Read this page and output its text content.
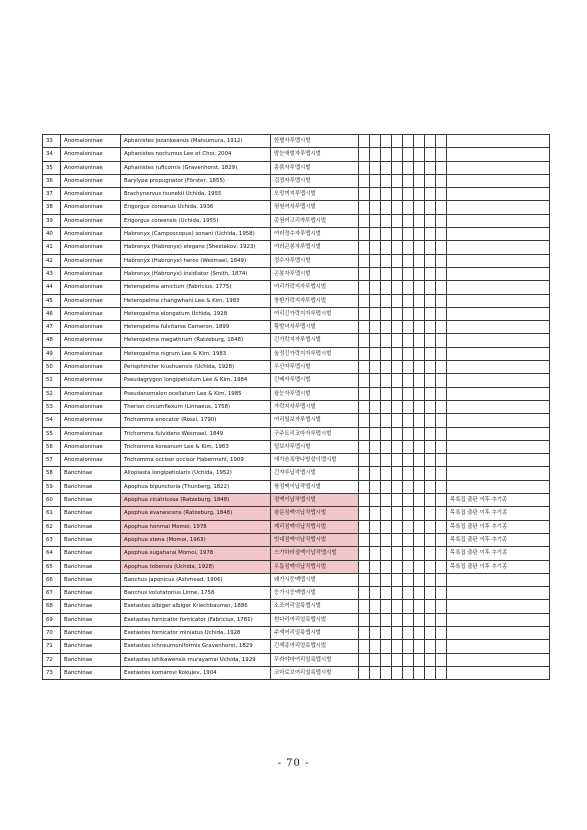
33	Anomaloninae	Aphanistes jozankeanus (Matsumura, 1912)	한별자루맵시벌									
34	Anomaloninae	Aphanistes noctumus Lee et Choi, 2004	밤눈애벌자루맵시벌									
35	Anomaloninae	Aphanistes ruficornis (Gravenhorst, 1829)	홍붉자루맵시벌									
36	Anomaloninae	Barylypa propugnator (Förster, 1855)	검정자루맵시벌									
37	Anomaloninae	Brachynervus tsunekii Uchida, 1955	오망꺼지루맵시벌									
38	Anomaloninae	Erigorgus coreanus Uchida, 1936	평원여자루맵시벌									
39	Anomaloninae	Erigorgus coreensis (Uchida, 1955)	종원여고리자루맵시벌									
40	Anomaloninae	Habronyx (Camposcopus) sonani (Uchida, 1958)	여러정수자루맵시벌									
41	Anomaloninae	Habronyx (Habronyx) elegans (Shestakov, 1923)	여러곤봉자루맵시벌									
42	Anomaloninae	Habronyx (Habronyx) heros (Wesmael, 1849)	정수자루맵시벌									
43	Anomaloninae	Habronyx (Habronyx) insidiator (Smith, 1874)	곤봉자루맵시벌									
44	Anomaloninae	Heteropelma amictum (Fabricius, 1775)	여리가락지자루맵시벌									
45	Anomaloninae	Heteropelma changwhani Lee & Kim, 1983	창환가락지자루맵시벌									
46	Anomaloninae	Heteropelma elongatum Uchida, 1928	여리긴가락지자루맵시벌									
47	Anomaloninae	Heteropelma fulvitarse Cameron, 1899	황발녀자루맵시벌									
48	Anomaloninae	Heteropelma megathrum (Ratzeburg, 1848)	긴가락지자루맵시벌									
49	Anomaloninae	Heteropelma nigrum Lee & Kim, 1983	높정긴가락지자루맵시벌									
50	Anomaloninae	Perisphincter kiushuensis (Uchida, 1928)	우산자루맵시벌									
51	Anomaloninae	Pseudagrygon longipetiolum Lee & Kim, 1984	긴배자루맵시벌									
52	Anomaloninae	Pseudanomalon ocellatum Lee & Kim, 1985	왕눈자루맵시벌									
53	Anomaloninae	Therion circumflexum (Linnaeus, 1758)	가락지자루맵시벌									
54	Anomaloninae	Trichomma enecator (Rossi, 1790)	여리털보자루맵시벌									
55	Anomaloninae	Trichomma fulvidens Wesmael, 1849	구주트리코마자루맵시벌									
56	Anomaloninae	Trichomma koreanum Lee & Kim, 1983	털보자루맵시벌									
57	Anomaloninae	Trichomma occisor occisor Habermehl, 1909	애가슴록명나방살이맵시벌									
58	Banchinae	Alloplasta longipetiolaris (Uchida, 1952)	긴자루납작맵시벌									
59	Banchinae	Apophua bipunctoria (Thunberg, 1822)	쌍점맥이납작맵시벌									
60	Banchinae	Apophua cicatricosa (Ratzeburg, 1848)	점맥이납작맵시벌									목록집 출판 이후 추기종
61	Banchinae	Apophua evanescens (Ratzeburg, 1848)	왕문점맥이납작맵시벌									목록집 출판 이후 추기종
62	Banchinae	Apophua honmai Momoi, 1978	제리점맥이납작맵시벌									목록집 출판 이후 추기종
63	Banchinae	Apophua stena (Momoi, 1963)	빗대점맥이납작맵시벌									목록집 출판 이후 추기종
64	Banchinae	Apophua sugaharai Momoi, 1978	스가하라점맥이납작맵시벌									목록집 출판 이후 추기종
65	Banchinae	Apophua tobensis (Uchida, 1928)	우툼점맥이납작맵시벌									목록집 출판 이후 추기종
66	Banchinae	Banchus japonicus (Ashmead, 1906)	왜가시등맥맵시벌									
67	Banchinae	Banchus volutatorius Linne, 1758	등가시등맥맵시벌									
68	Banchinae	Exetastes albiger albiger Kriechbaumer, 1886	소조여리얼룩맵시벌									
69	Banchinae	Exetastes fornicator fornicator (Fabricius, 1781)	흰다리여리얼룩맵시벌									
70	Banchinae	Exetastes fornicator miniatus Uchida, 1928	주색여리얼룩맵시벌									
71	Banchinae	Exetastes ichneumoniformis Gravenhorst, 1829	긴색종여리얼룩맵시벌									
72	Banchinae	Exetastes ishikawensis murayamai Uchida, 1929	무라야마여리얼룩맵시벌									
73	Banchinae	Exetastes komarovi Kokujev, 1904	코마로브여리얼룩맵시벌									
- 70 -
